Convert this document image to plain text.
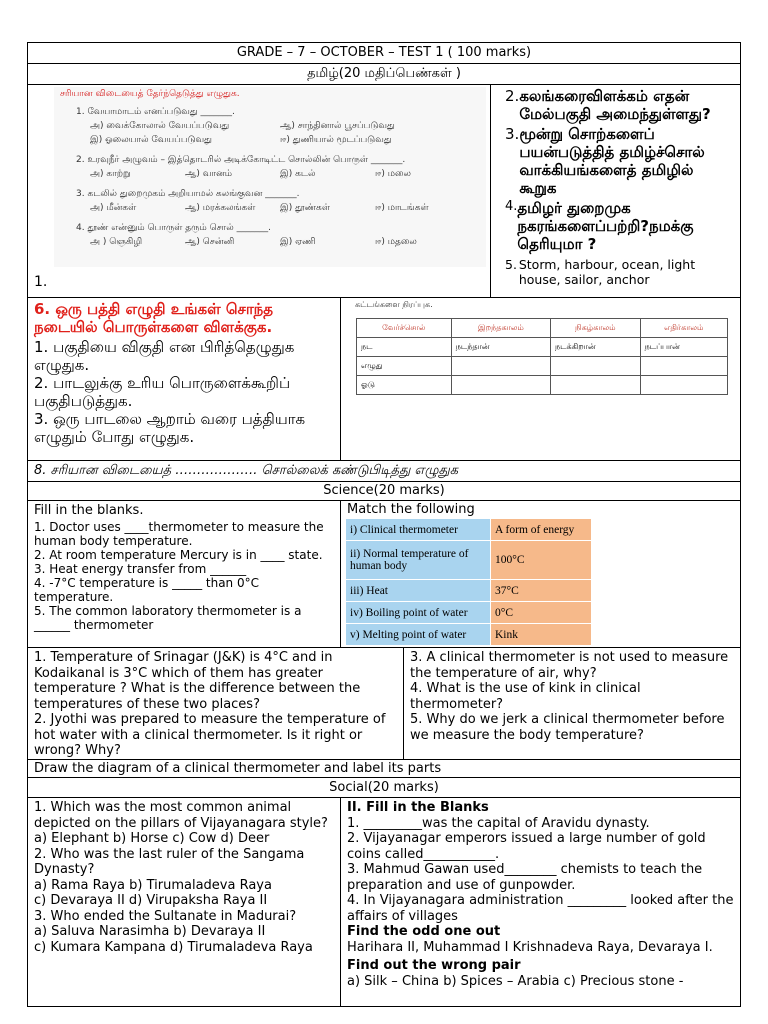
GRADE – 7 – OCTOBER – TEST 1 ( 100 marks)
தமிழ்(20 மதிப்பெண்கள் )
சரியான விடையைத் தேர்ந்தெடுத்து எழுதுக.
1. வேயாமாடம் எனப்படுவது _______.
அ) வைக்கோலால் வேயப்படுவது	ஆ) சாந்தினால் பூசப்படுவது
இ) ஓலையால் வேயப்படுவது	ஈ) துணியால் மூடப்படுவது
2. உரவுநீர் அழுவம் – இத்தொடரில் அடிக்கோடிட்ட சொல்லின் பொருள் _______.
அ) காற்று	ஆ) வானம்	இ) கடல்	ஈ) மலை
3. கடலில் துறைமுகம் அறியாமல் கலங்குவன _______.
அ) மீன்கள்	ஆ) மரக்கலங்கள்	இ) தூண்கள்	ஈ) மாடங்கள்
4. தூண் என்னும் பொருள் தரும் சொல் _______.
அ ) ஞெகிழி	ஆ) சென்னி	இ) ஏணி	ஈ) மதலை
1.
2. கலங்கரைவிளக்கம் எதன் மேல்பகுதி அமைந்துள்ளது?
3. மூன்று சொற்களைப் பயன்படுத்தித் தமிழ்ச்சொல் வாக்கியங்களைத் தமிழில் கூறுக
4. தமிழர் துறைமுக நகரங்களைப்பற்றி?நமக்கு தெரியுமா ?
5. Storm, harbour, ocean, light house, sailor, anchor
6. ஒரு பத்தி எழுதி உங்கள் சொந்த நடையில் பொருள்களை விளக்குக.
1. பகுதியை விகுதி என பிரித்தெழுதுக எழுதுக.
2. பாடலுக்கு உரிய பொருளைக்கூறிப் பகுதிபடுத்துக.
3. ஒரு பாடலை ஆறாம் வரை பத்தியாக எழுதும் போது எழுதுக.
கட்டங்களை நிரப்புக.
வேர்ச்சொல்	இறந்தகாலம்	நிகழ்காலம்	எதிர்காலம்
நட	நடந்தான்	நடக்கிறான்	நடப்பான்
எழுது			
ஓடு			
8. சரியான விடையைத் ………………. சொல்லைக் கண்டுபிடித்து எழுதுக
Science(20 marks)
Fill in the blanks.
1. Doctor uses ____thermometer to measure the human body temperature.
2. At room temperature Mercury is in ____ state.
3. Heat energy transfer from ______
4. -7°C temperature is _____ than 0°C temperature.
5. The common laboratory thermometer is a ______ thermometer
Match the following
i) Clinical thermometer	A form of energy
ii) Normal temperature of human body	100°C
iii) Heat	37°C
iv) Boiling point of water	0°C
v) Melting point of water	Kink
1. Temperature of Srinagar (J&K) is 4°C and in Kodaikanal is 3°C which of them has greater temperature ? What is the difference between the temperatures of these two places?
2. Jyothi was prepared to measure the temperature of hot water with a clinical thermometer. Is it right or wrong? Why?
3. A clinical thermometer is not used to measure the temperature of air, why?
4. What is the use of kink in clinical thermometer?
5. Why do we jerk a clinical thermometer before we measure the body temperature?
Draw the diagram of a clinical thermometer and label its parts
Social(20 marks)
1. Which was the most common animal depicted on the pillars of Vijayanagara style?
a) Elephant b) Horse c) Cow d) Deer
2. Who was the last ruler of the Sangama Dynasty?
a) Rama Raya b) Tirumaladeva Raya
c) Devaraya II d) Virupaksha Raya II
3. Who ended the Sultanate in Madurai?
a) Saluva Narasimha b) Devaraya II
c) Kumara Kampana d) Tirumaladeva Raya
II. Fill in the Blanks
1. _________was the capital of Aravidu dynasty.
2. Vijayanagar emperors issued a large number of gold coins called___________.
3. Mahmud Gawan used________ chemists to teach the preparation and use of gunpowder.
4. In Vijayanagara administration _________ looked after the affairs of villages
Find the odd one out
Harihara II, Muhammad I Krishnadeva Raya, Devaraya I.
Find out the wrong pair
a) Silk – China b) Spices – Arabia c) Precious stone -
